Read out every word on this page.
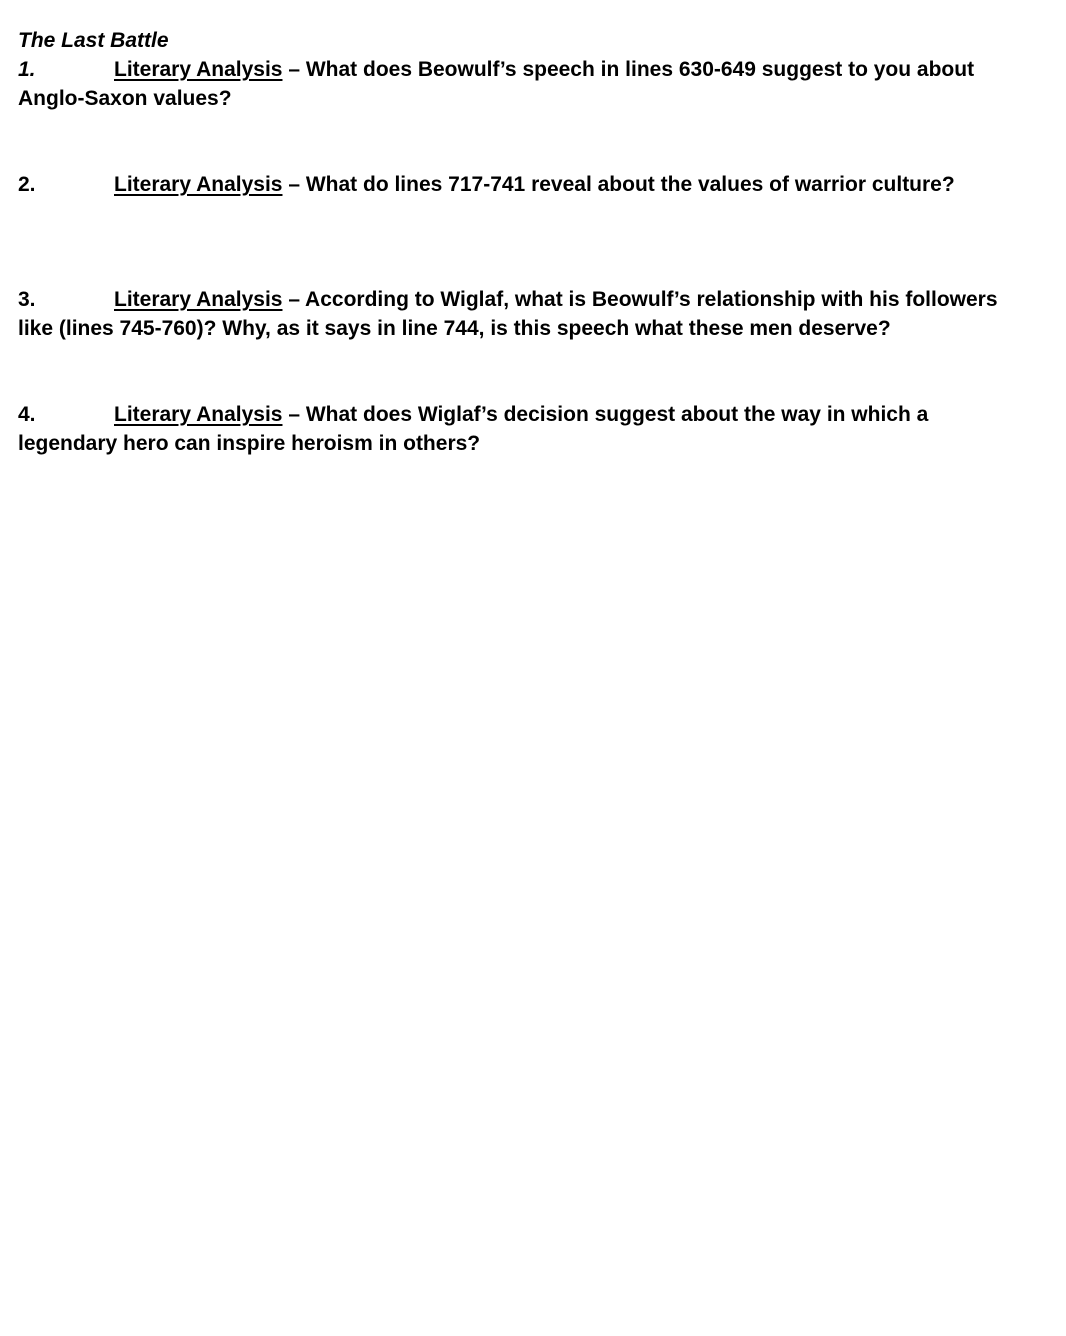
The Last Battle

1.	Literary Analysis – What does Beowulf’s speech in lines 630-649 suggest to you about Anglo-Saxon values?

2.	Literary Analysis – What do lines 717-741 reveal about the values of warrior culture?

3.	Literary Analysis – According to Wiglaf, what is Beowulf’s relationship with his followers like (lines 745-760)? Why, as it says in line 744, is this speech what these men deserve?

4.	Literary Analysis – What does Wiglaf’s decision suggest about the way in which a legendary hero can inspire heroism in others?
